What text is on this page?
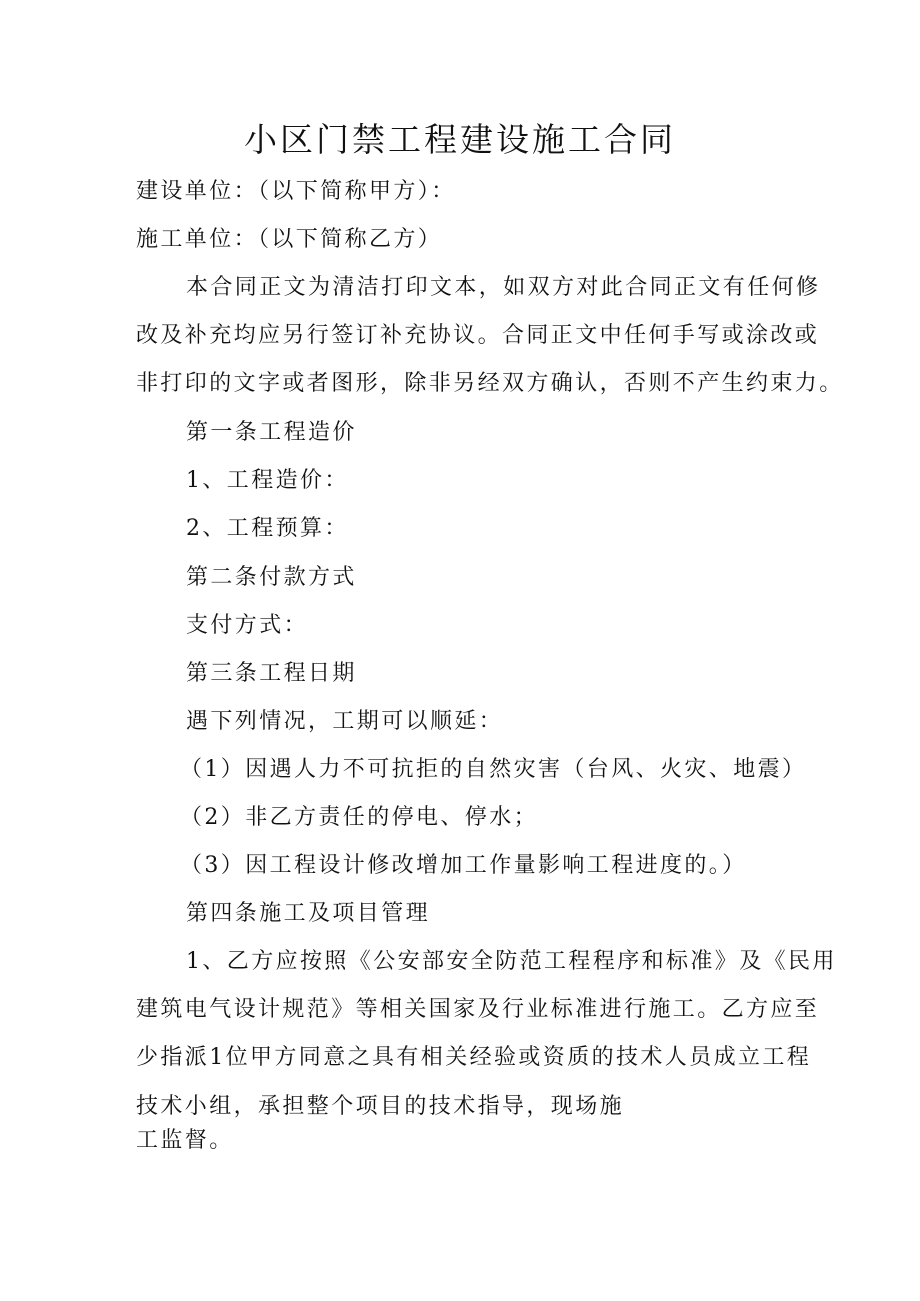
小区门禁工程建设施工合同
建设单位：（以下简称甲方）：
施工单位：（以下简称乙方）
本合同正文为清洁打印文本，如双方对此合同正文有任何修
改及补充均应另行签订补充协议。合同正文中任何手写或涂改或
非打印的文字或者图形，除非另经双方确认，否则不产生约束力。
第一条工程造价
1、工程造价：
2、工程预算：
第二条付款方式
支付方式：
第三条工程日期
遇下列情况，工期可以顺延：
（1）因遇人力不可抗拒的自然灾害（台风、火灾、地震）
（2）非乙方责任的停电、停水；
（3）因工程设计修改增加工作量影响工程进度的。）
第四条施工及项目管理
1、乙方应按照《公安部安全防范工程程序和标准》及《民用
建筑电气设计规范》等相关国家及行业标准进行施工。乙方应至
少指派1位甲方同意之具有相关经验或资质的技术人员成立工程
技术小组，承担整个项目的技术指导，现场施
工监督。
